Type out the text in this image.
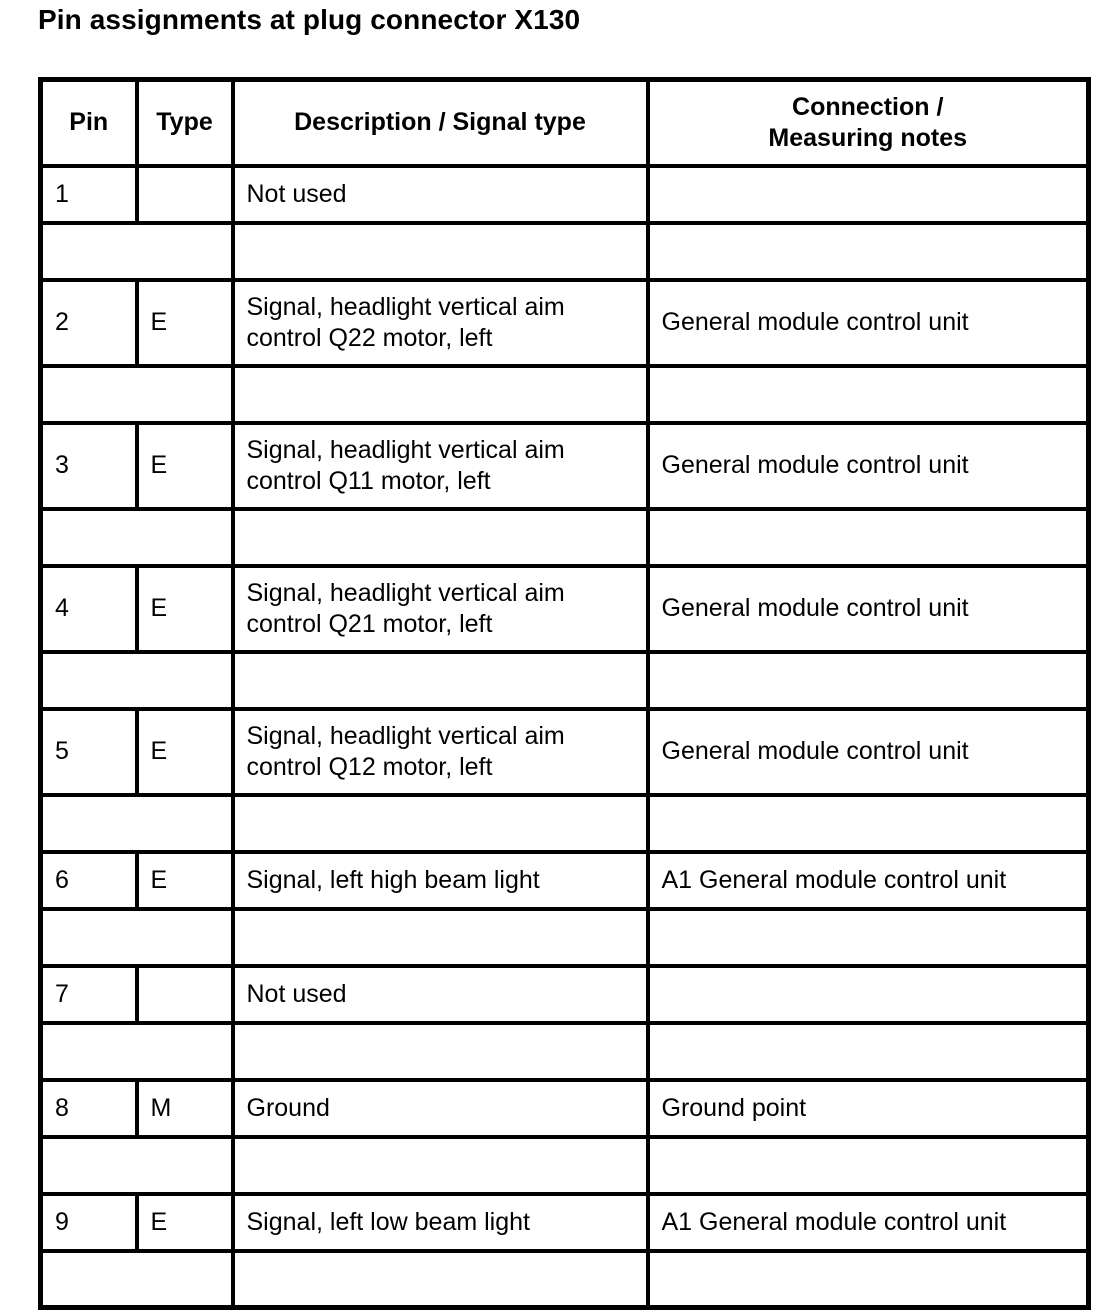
Pin assignments at plug connector X130
Pin	Type	Description / Signal type	Connection /
Measuring notes

1		Not used	

2	E	Signal, headlight vertical aim
control Q22 motor, left	General module control unit

3	E	Signal, headlight vertical aim
control Q11 motor, left	General module control unit

4	E	Signal, headlight vertical aim
control Q21 motor, left	General module control unit

5	E	Signal, headlight vertical aim
control Q12 motor, left	General module control unit

6	E	Signal, left high beam light	A1 General module control unit

7		Not used	

8	M	Ground	Ground point

9	E	Signal, left low beam light	A1 General module control unit
